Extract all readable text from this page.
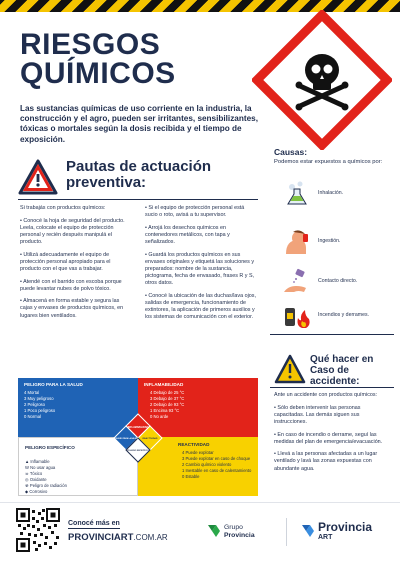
RIESGOS
QUÍMICOS

Las sustancias químicas de uso corriente en la industria, la construcción y el agro, pueden ser irritantes, sensibilizantes, tóxicas o mortales según la dosis recibida y el tiempo de exposición.

Pautas de actuación
preventiva:

Si trabajás con productos químicos:

• Conocé la hoja de seguridad del producto. Leela, colocate el equipo de protección personal y recién después manipulá el producto.

• Utilizá adecuadamente el equipo de protección personal apropiado para el producto con el que vas a trabajar.

• Atendé con el barrido con escoba porque puede levantar nubes de polvo tóxico.

• Almacená en forma estable y segura las cajas y envases de productos químicos, en lugares bien ventilados.

• Si el equipo de protección personal está sucio o roto, avisá a tu supervisor.

• Arrojá los desechos químicos en contenedores metálicos, con tapa y señalizados.

• Guardá los productos químicos en sus envases originales y etiquetá las soluciones y preparados: nombre de la sustancia, pictograma, fecha de envasado, frases R y S, otros datos.

• Conocé la ubicación de las duchas/lava ojos, salidas de emergencia, funcionamiento de extintores, la aplicación de primeros auxilios y los sistemas de comunicación con el exterior.

PELIGRO PARA LA SALUD
4 Mortal
3 Muy peligroso
2 Peligroso
1 Poco peligroso
0 Normal
INFLAMABILIDAD
4 Debajo de 25 °C
3 Debajo de 37 °C
2 Debajo de 93 °C
1 Encima 93 °C
0 No arde
PELIGRO ESPECÍFICO
▲ Inflamable
W No usar agua
☠ Tóxico
◎ Oxidante
☢ Peligro de radiación
◆ Corrosivo
REACTIVIDAD
4 Puede explotar
3 Puede explotar en caso de choque
2 Cambio químico violento
1 Inestable en caso de calentamiento
0 Estable
INFLAMABILIDAD
PELIGRO PARA LA SALUD	REACTIVIDAD
PELIGRO ESPECÍFICO
Causas:
Podemos estar expuestos a químicos por:
Inhalación.
Ingestión.
Contacto directo.
Incendios y derrames.
Qué hacer en
Caso de accidente:

Ante un accidente con productos químicos:

• Sólo deben intervenir las personas capacitadas. Las demás siguen sus instrucciones.

• En caso de incendio o derrame, seguí las medidas del plan de emergencia/evacuación.

• Llevá a las personas afectadas a un lugar ventilado y lavá las zonas expuestas con abundante agua.

Conocé más en
PROVINCIART.COM.AR
Grupo
Provincia
Provincia
ART
